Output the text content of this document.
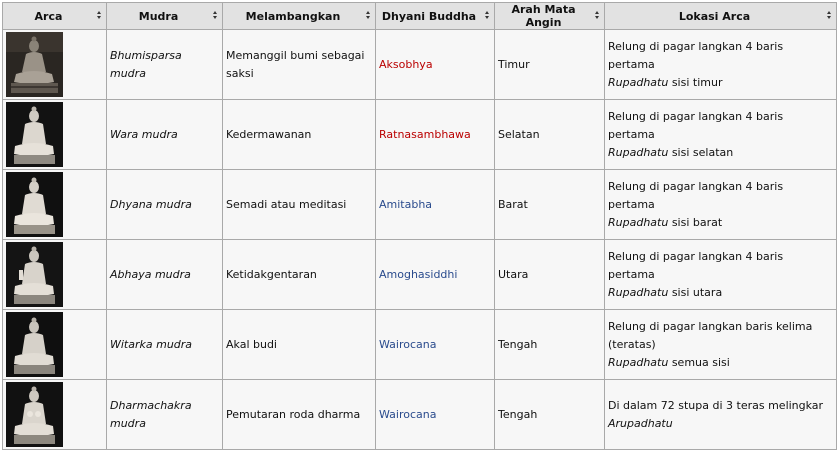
Arca	Mudra	Melambangkan	Dhyani Buddha	Arah Mata Angin	Lokasi Arca

	Bhumisparsa mudra	Memanggil bumi sebagai saksi	Aksobhya	Timur	Relung di pagar langkan 4 baris pertama
Rupadhatu sisi timur

	Wara mudra	Kedermawanan	Ratnasambhawa	Selatan	Relung di pagar langkan 4 baris pertama
Rupadhatu sisi selatan

	Dhyana mudra	Semadi atau meditasi	Amitabha	Barat	Relung di pagar langkan 4 baris pertama
Rupadhatu sisi barat

	Abhaya mudra	Ketidakgentaran	Amoghasiddhi	Utara	Relung di pagar langkan 4 baris pertama
Rupadhatu sisi utara

	Witarka mudra	Akal budi	Wairocana	Tengah	Relung di pagar langkan baris kelima (teratas)
Rupadhatu semua sisi

	Dharmachakra mudra	Pemutaran roda dharma	Wairocana	Tengah	Di dalam 72 stupa di 3 teras melingkar
Arupadhatu
